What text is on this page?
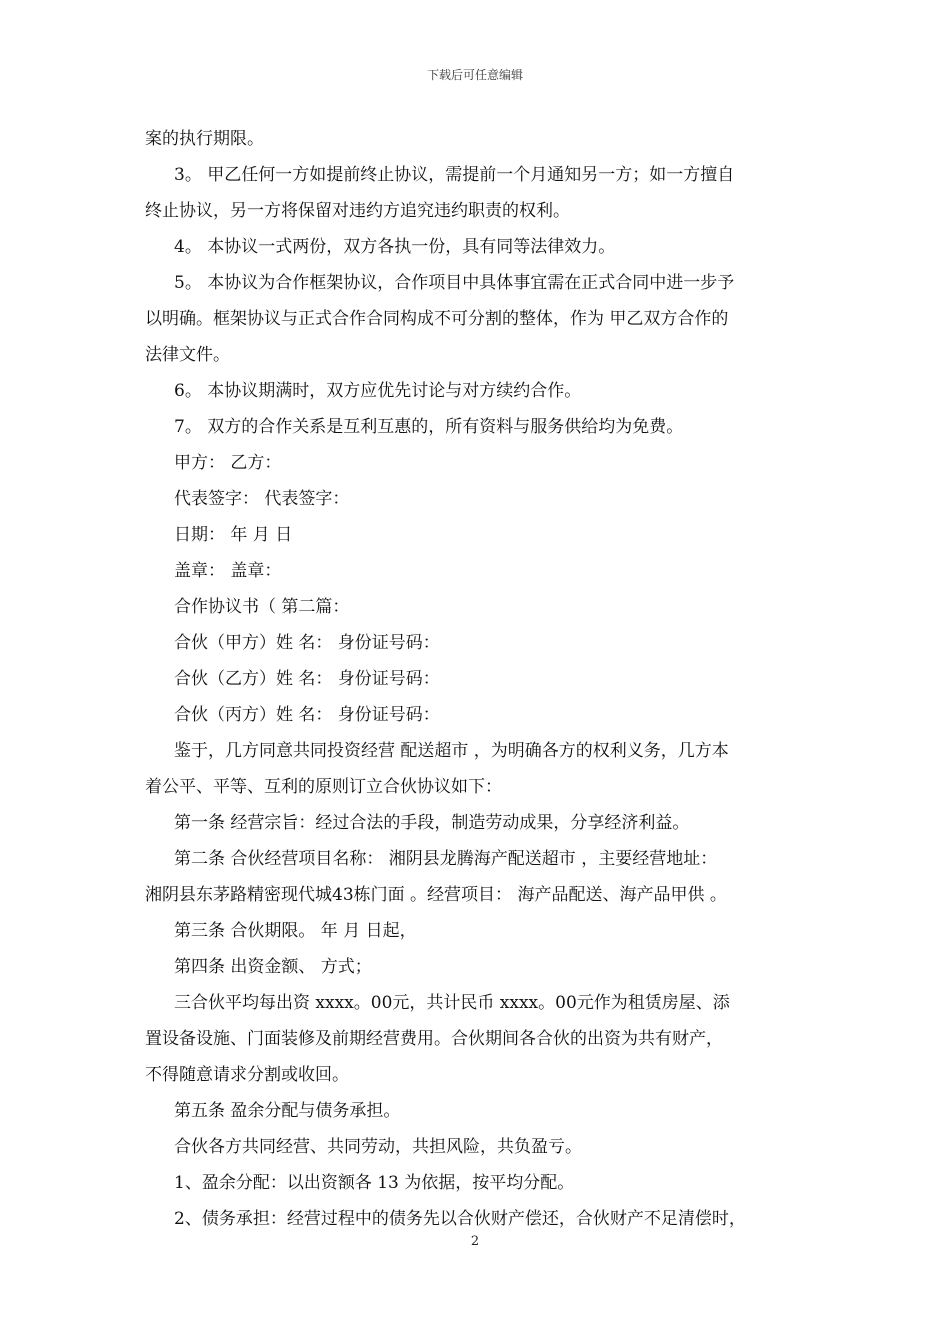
下载后可任意编辑
案的执行期限。
3。 甲乙任何一方如提前终止协议，需提前一个月通知另一方；如一方擅自
终止协议，另一方将保留对违约方追究违约职责的权利。
4。 本协议一式两份，双方各执一份，具有同等法律效力。
5。 本协议为合作框架协议，合作项目中具体事宜需在正式合同中进一步予
以明确。框架协议与正式合作合同构成不可分割的整体，作为 甲乙双方合作的
法律文件。
6。 本协议期满时，双方应优先讨论与对方续约合作。
7。 双方的合作关系是互利互惠的，所有资料与服务供给均为免费。
甲方： 乙方：
代表签字： 代表签字：
日期： 年 月 日
盖章： 盖章：
合作协议书（ 第二篇：
合伙（甲方）姓 名： 身份证号码：
合伙（乙方）姓 名： 身份证号码：
合伙（丙方）姓 名： 身份证号码：
鉴于，几方同意共同投资经营 配送超市 ，为明确各方的权利义务，几方本
着公平、平等、互利的原则订立合伙协议如下：
第一条 经营宗旨：经过合法的手段，制造劳动成果，分享经济利益。
第二条 合伙经营项目名称： 湘阴县龙腾海产配送超市 ，主要经营地址：
湘阴县东茅路精密现代城43栋门面 。经营项目： 海产品配送、海产品甲供 。
第三条 合伙期限。 年 月 日起，
第四条 出资金额、 方式；
三合伙平均每出资 xxxx。00元，共计民币 xxxx。00元作为租赁房屋、添
置设备设施、门面装修及前期经营费用。合伙期间各合伙的出资为共有财产，
不得随意请求分割或收回。
第五条 盈余分配与债务承担。
合伙各方共同经营、共同劳动，共担风险，共负盈亏。
1、盈余分配：以出资额各 13 为依据，按平均分配。
2、债务承担：经营过程中的债务先以合伙财产偿还，合伙财产不足清偿时，
2
